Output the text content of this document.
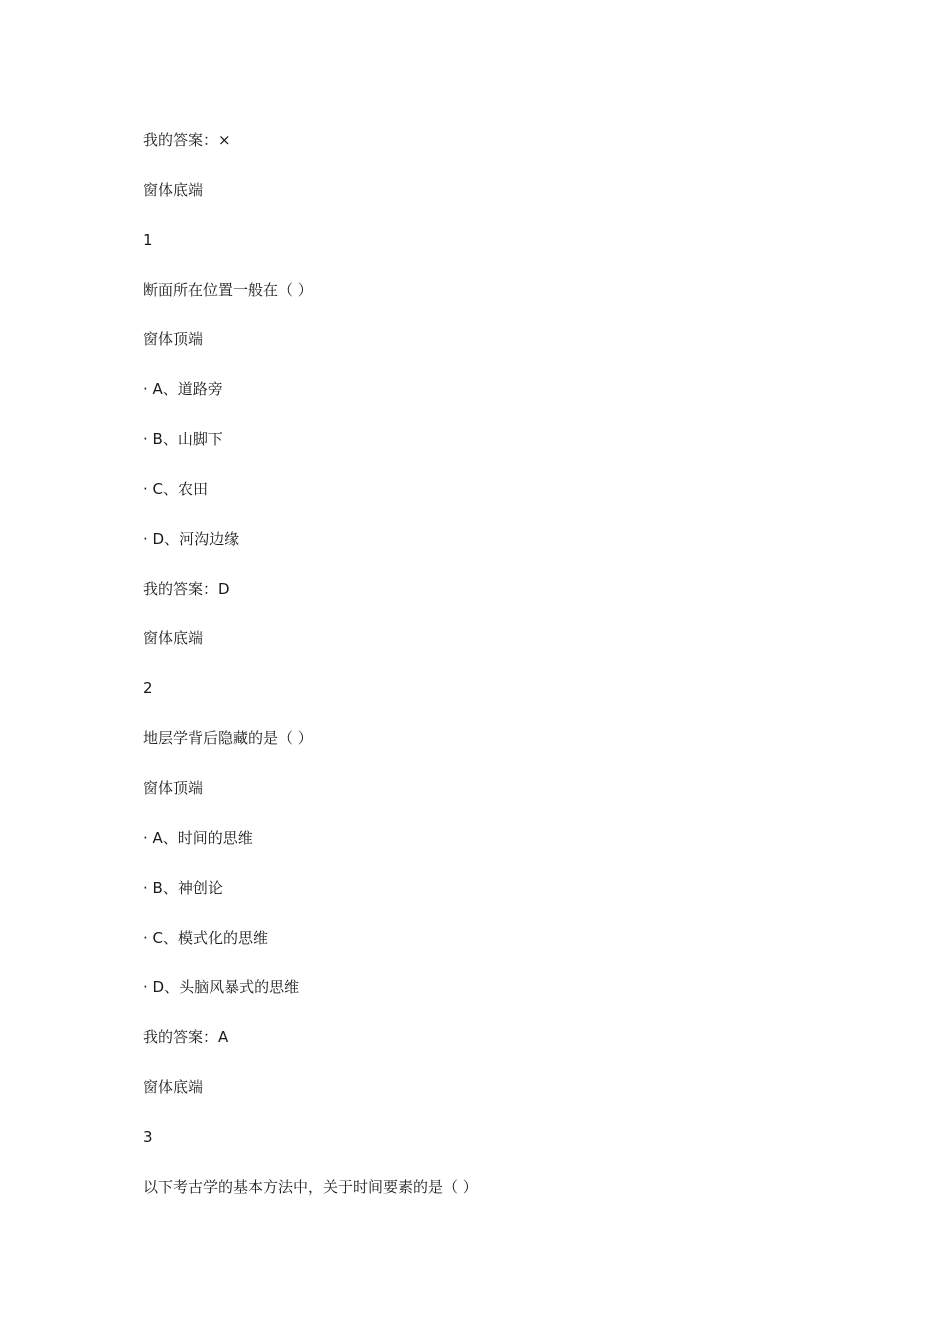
我的答案：×
窗体底端
1
断面所在位置一般在（ ）
窗体顶端
· A、道路旁
· B、山脚下
· C、农田
· D、河沟边缘
我的答案：D
窗体底端
2
地层学背后隐藏的是（ ）
窗体顶端
· A、时间的思维
· B、神创论
· C、模式化的思维
· D、头脑风暴式的思维
我的答案：A
窗体底端
3
以下考古学的基本方法中，关于时间要素的是（ ）
